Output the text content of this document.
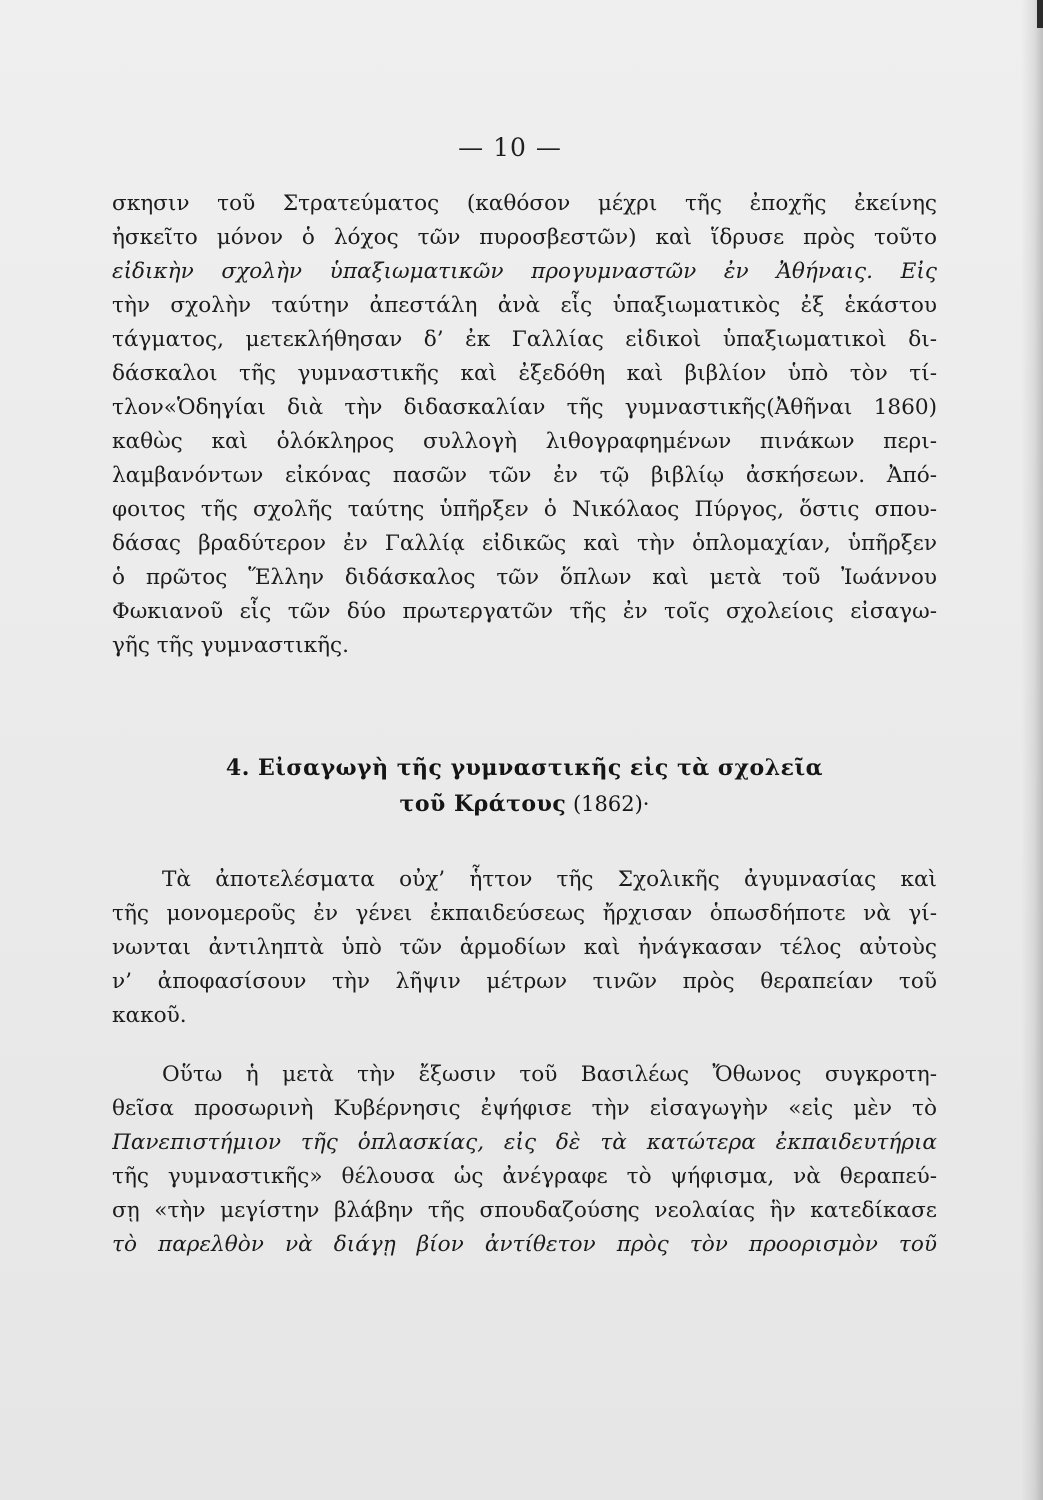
— 10 —
σκησιν τοῦ Στρατεύματος (καθόσον μέχρι τῆς ἐποχῆς ἐκείνης
ἠσκεῖτο μόνον ὁ λόχος τῶν πυροσβεστῶν) καὶ ἵδρυσε πρὸς τοῦτο
εἰδικὴν σχολὴν ὑπαξιωματικῶν προγυμναστῶν ἐν Ἀθήναις. Εἰς
τὴν σχολὴν ταύτην ἀπεστάλη ἀνὰ εἷς ὑπαξιωματικὸς ἐξ ἑκάστου
τάγματος, μετεκλήθησαν δ’ ἐκ Γαλλίας εἰδικοὶ ὑπαξιωματικοὶ δι-
δάσκαλοι τῆς γυμναστικῆς καὶ ἐξεδόθη καὶ βιβλίον ὑπὸ τὸν τί-
τλον«Ὁδηγίαι διὰ τὴν διδασκαλίαν τῆς γυμναστικῆς(Ἀθῆναι 1860)
καθὼς καὶ ὁλόκληρος συλλογὴ λιθογραφημένων πινάκων περι-
λαμβανόντων εἰκόνας πασῶν τῶν ἐν τῷ βιβλίῳ ἀσκήσεων. Ἀπό-
φοιτος τῆς σχολῆς ταύτης ὑπῆρξεν ὁ Νικόλαος Πύργος, ὅστις σπου-
δάσας βραδύτερον ἐν Γαλλίᾳ εἰδικῶς καὶ τὴν ὁπλομαχίαν, ὑπῆρξεν
ὁ πρῶτος Ἕλλην διδάσκαλος τῶν ὅπλων καὶ μετὰ τοῦ Ἰωάννου
Φωκιανοῦ εἷς τῶν δύο πρωτεργατῶν τῆς ἐν τοῖς σχολείοις εἰσαγω-
γῆς τῆς γυμναστικῆς.
4. Εἰσαγωγὴ τῆς γυμναστικῆς εἰς τὰ σχολεῖα
τοῦ Κράτους (1862)·
Τὰ ἀποτελέσματα οὐχ’ ἧττον τῆς Σχολικῆς ἀγυμνασίας καὶ
τῆς μονομεροῦς ἐν γένει ἐκπαιδεύσεως ἤρχισαν ὁπωσδήποτε νὰ γί-
νωνται ἀντιληπτὰ ὑπὸ τῶν ἁρμοδίων καὶ ἠνάγκασαν τέλος αὐτοὺς
ν’ ἀποφασίσουν τὴν λῆψιν μέτρων τινῶν πρὸς θεραπείαν τοῦ
κακοῦ.
Οὕτω ἡ μετὰ τὴν ἔξωσιν τοῦ Βασιλέως Ὄθωνος συγκροτη-
θεῖσα προσωρινὴ Κυβέρνησις ἐψήφισε τὴν εἰσαγωγὴν «εἰς μὲν τὸ
Πανεπιστήμιον τῆς ὁπλασκίας, εἰς δὲ τὰ κατώτερα ἐκπαιδευτήρια
τῆς γυμναστικῆς» θέλουσα ὡς ἀνέγραφε τὸ ψήφισμα, νὰ θεραπεύ-
σῃ «τὴν μεγίστην βλάβην τῆς σπουδαζούσης νεολαίας ἣν κατεδίκασε
τὸ παρελθὸν νὰ διάγῃ βίον ἀντίθετον πρὸς τὸν προορισμὸν τοῦ
